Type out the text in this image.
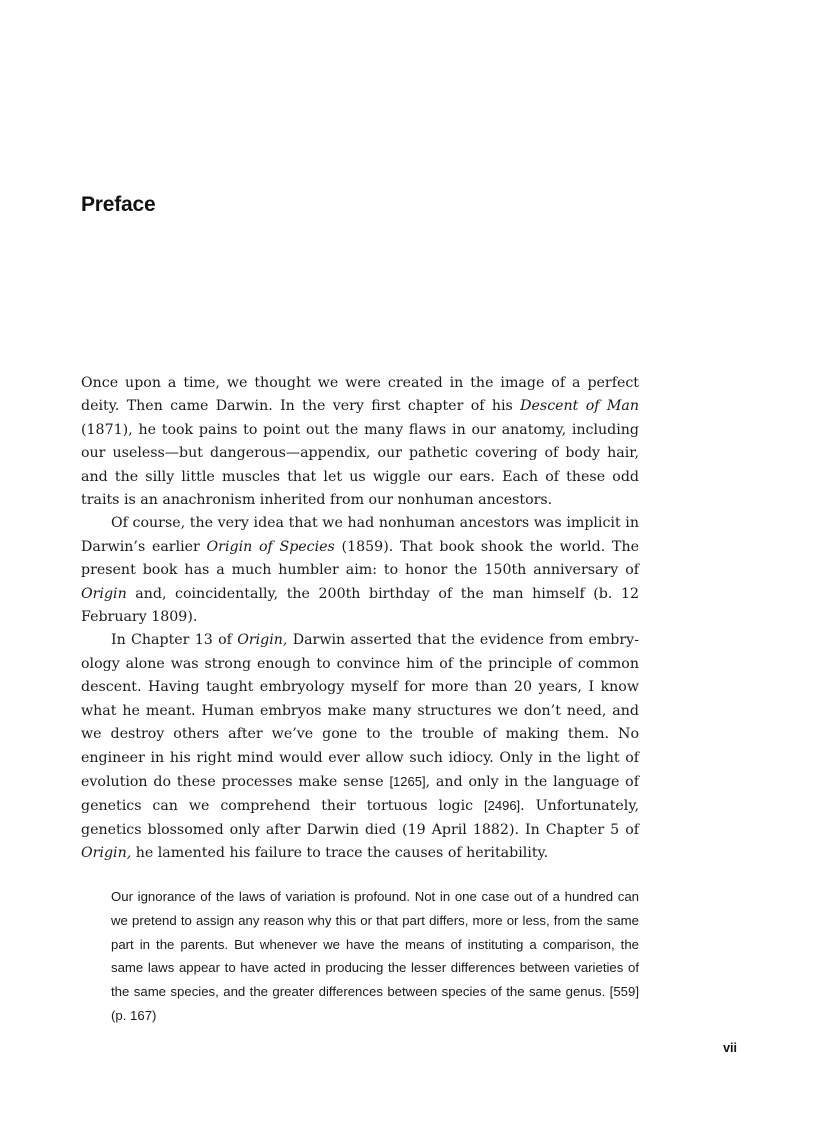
Preface

Once upon a time, we thought we were created in the image of a perfect deity. Then came Darwin. In the very first chapter of his Descent of Man (1871), he took pains to point out the many flaws in our anatomy, including our useless—but dangerous—appendix, our pathetic covering of body hair, and the silly little muscles that let us wiggle our ears. Each of these odd traits is an anachronism inherited from our nonhuman ancestors.

Of course, the very idea that we had nonhuman ancestors was implicit in Darwin’s earlier Origin of Species (1859). That book shook the world. The present book has a much humbler aim: to honor the 150th anniversary of Origin and, coincidentally, the 200th birthday of the man himself (b. 12 February 1809).

In Chapter 13 of Origin, Darwin asserted that the evidence from embryology alone was strong enough to convince him of the principle of common descent. Having taught embryology myself for more than 20 years, I know what he meant. Human embryos make many structures we don’t need, and we destroy others after we’ve gone to the trouble of making them. No engineer in his right mind would ever allow such idiocy. Only in the light of evolution do these processes make sense [1265], and only in the language of genetics can we comprehend their tortuous logic [2496]. Unfortunately, genetics blossomed only after Darwin died (19 April 1882). In Chapter 5 of Origin, he lamented his failure to trace the causes of heritability.

Our ignorance of the laws of variation is profound. Not in one case out of a hundred can we pretend to assign any reason why this or that part differs, more or less, from the same part in the parents. But whenever we have the means of instituting a comparison, the same laws appear to have acted in producing the lesser differences between varieties of the same species, and the greater differences between species of the same genus. [559] (p. 167)
vii
